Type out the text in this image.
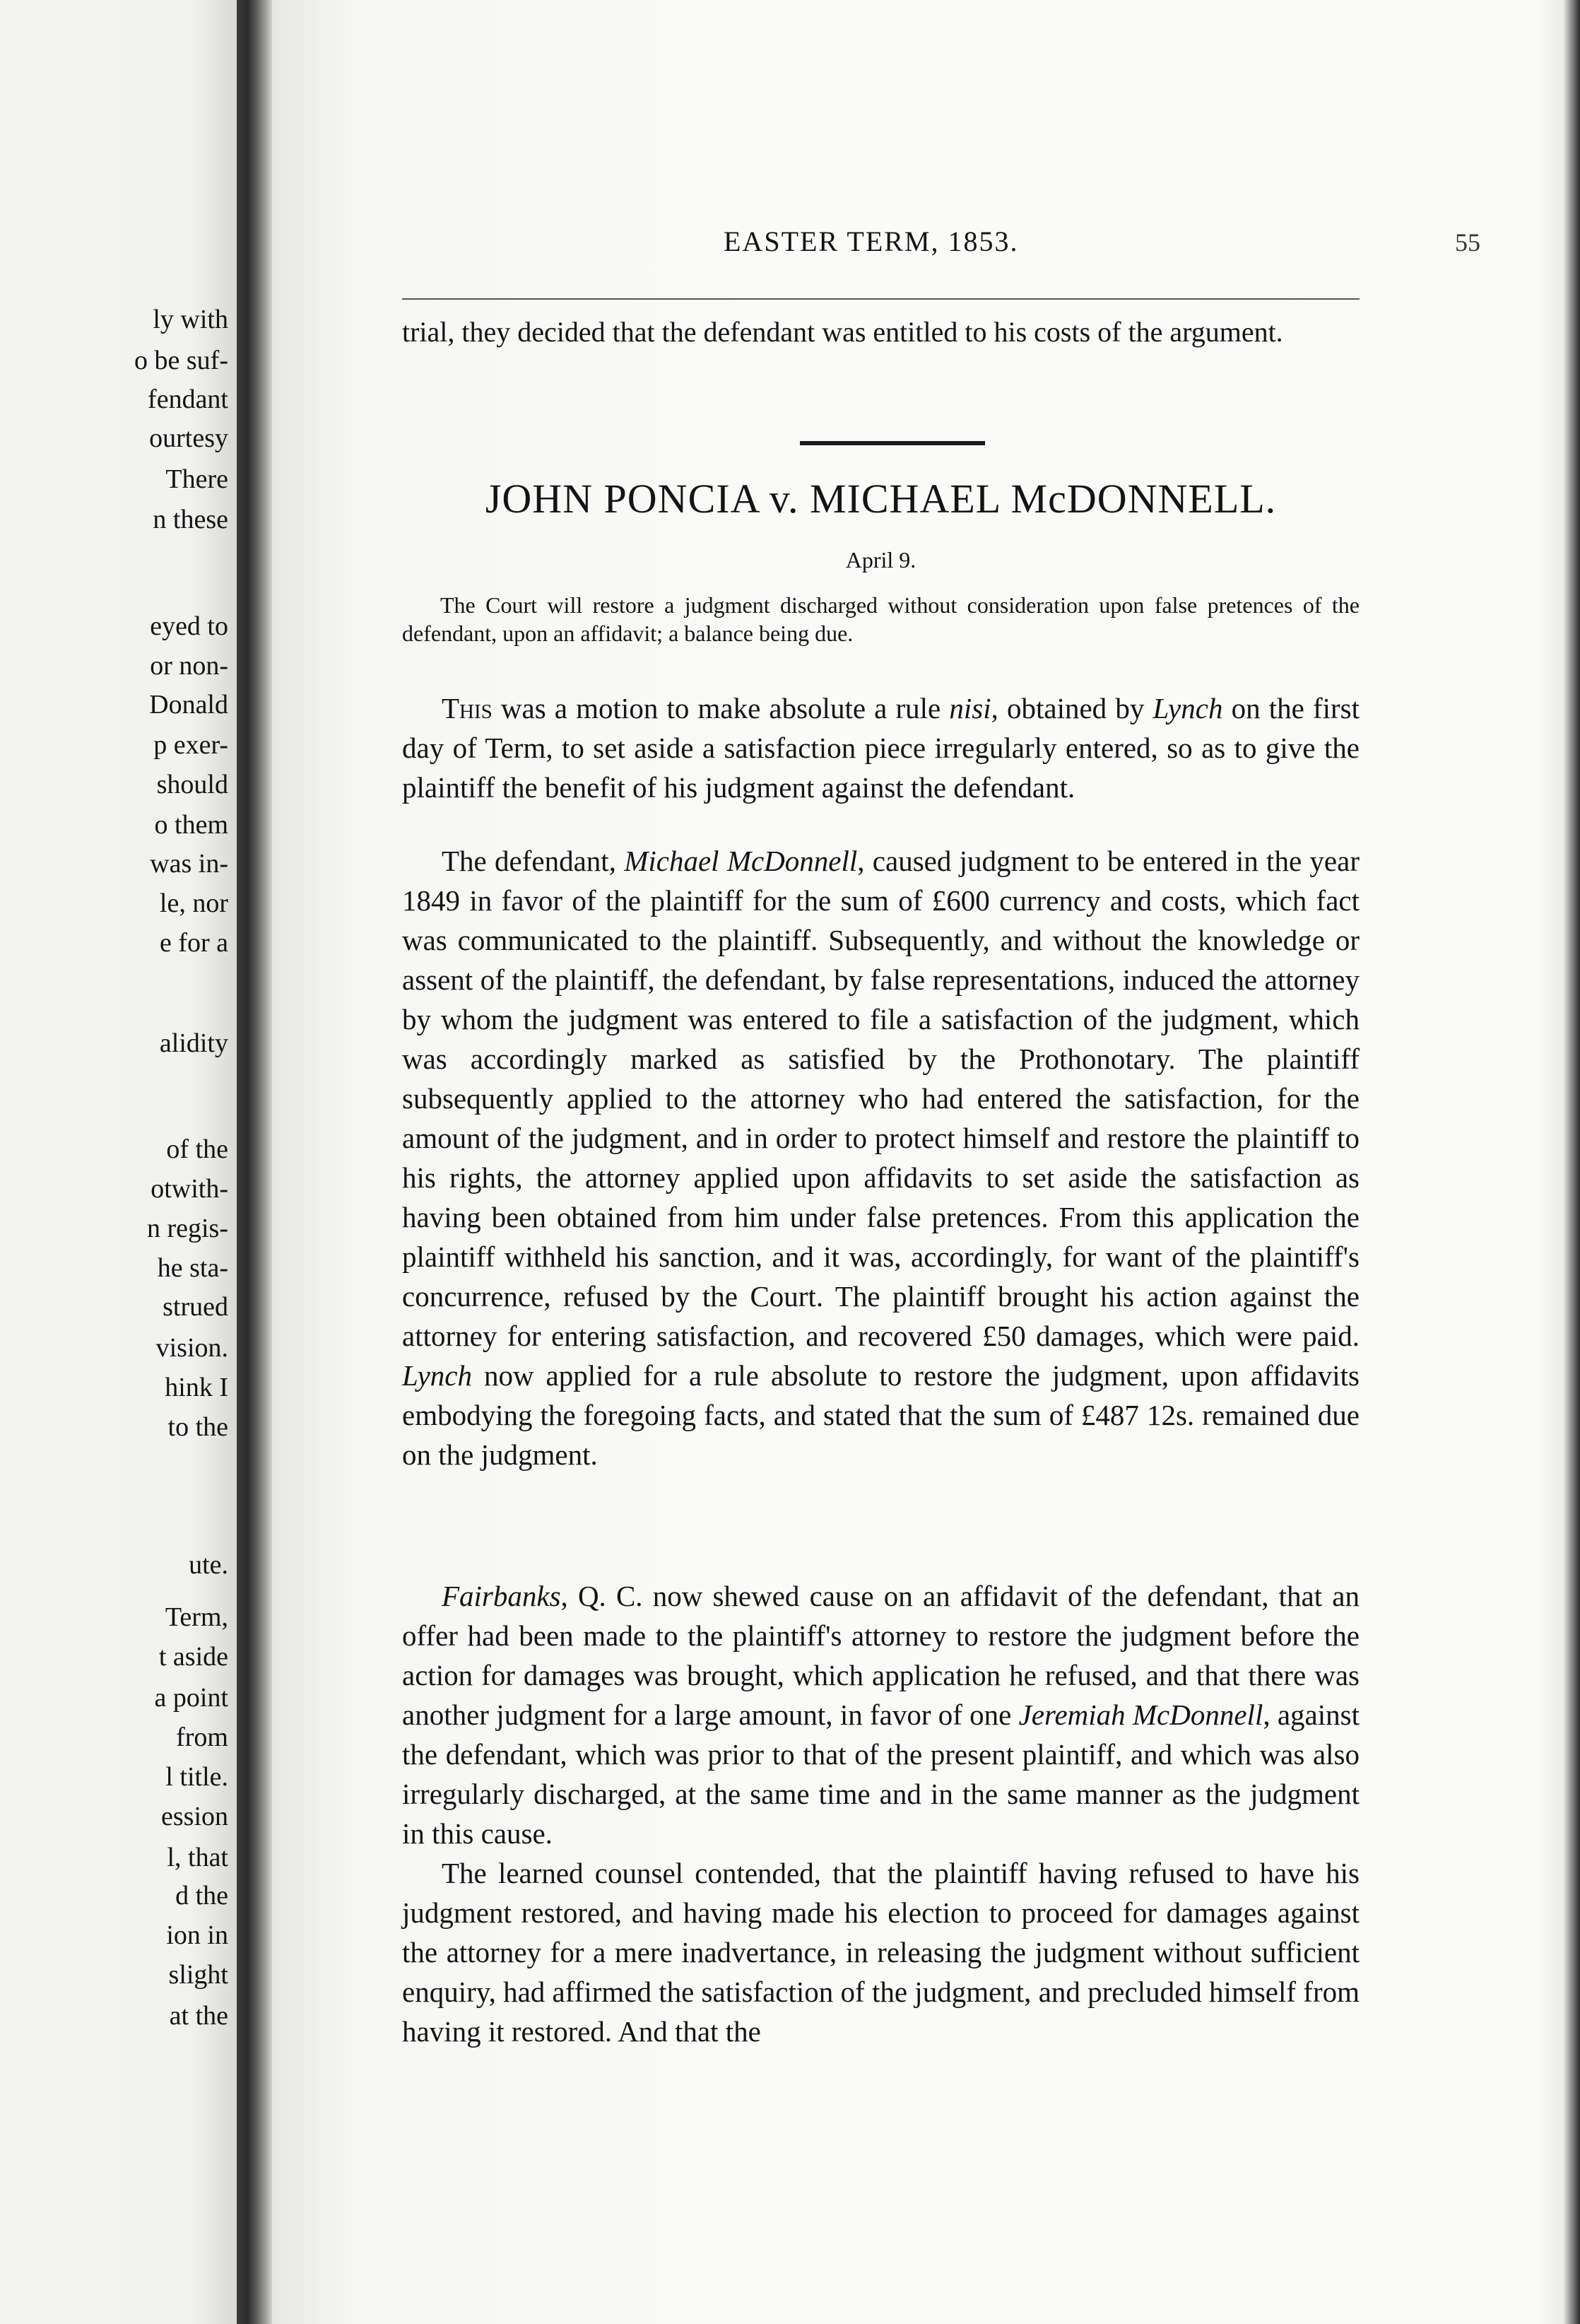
ly with
o be suf-
fendant
ourtesy
There
n these
eyed to
or non-
Donald
p exer-
should
o them
was in-
le, nor
e for a
alidity
of the
otwith-
n regis-
he sta-
strued
vision.
hink I
to the
ute.
Term,
t aside
a point
from
l title.
ession
l, that
d the
ion in
slight
at the
EASTER TERM, 1853.	55
trial, they decided that the defendant was entitled to his costs of the argument.
JOHN PONCIA v. MICHAEL McDONNELL.
April 9.
The Court will restore a judgment discharged without consideration upon false pretences of the defendant, upon an affidavit; a balance being due.
This was a motion to make absolute a rule nisi, obtained by Lynch on the first day of Term, to set aside a satisfaction piece irregularly entered, so as to give the plaintiff the benefit of his judgment against the defendant.
The defendant, Michael McDonnell, caused judgment to be entered in the year 1849 in favor of the plaintiff for the sum of £600 currency and costs, which fact was communicated to the plaintiff. Subsequently, and without the knowledge or assent of the plaintiff, the defendant, by false representations, induced the attorney by whom the judgment was entered to file a satisfaction of the judgment, which was accordingly marked as satisfied by the Prothonotary. The plaintiff subsequently applied to the attorney who had entered the satisfaction, for the amount of the judgment, and in order to protect himself and restore the plaintiff to his rights, the attorney applied upon affidavits to set aside the satisfaction as having been obtained from him under false pretences. From this application the plaintiff withheld his sanction, and it was, accordingly, for want of the plaintiff's concurrence, refused by the Court. The plaintiff brought his action against the attorney for entering satisfaction, and recovered £50 damages, which were paid. Lynch now applied for a rule absolute to restore the judgment, upon affidavits embodying the foregoing facts, and stated that the sum of £487 12s. remained due on the judgment.
Fairbanks, Q. C. now shewed cause on an affidavit of the defendant, that an offer had been made to the plaintiff's attorney to restore the judgment before the action for damages was brought, which application he refused, and that there was another judgment for a large amount, in favor of one Jeremiah McDonnell, against the defendant, which was prior to that of the present plaintiff, and which was also irregularly discharged, at the same time and in the same manner as the judgment in this cause.
The learned counsel contended, that the plaintiff having refused to have his judgment restored, and having made his election to proceed for damages against the attorney for a mere inadvertance, in releasing the judgment without sufficient enquiry, had affirmed the satisfaction of the judgment, and precluded himself from having it restored. And that the
